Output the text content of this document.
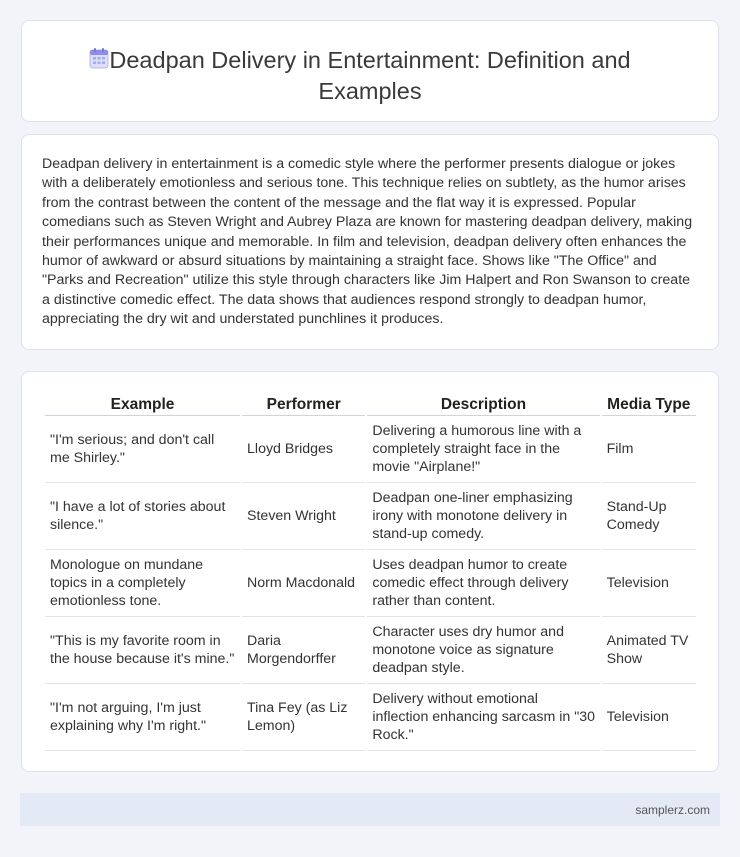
Deadpan Delivery in Entertainment: Definition and Examples

Deadpan delivery in entertainment is a comedic style where the performer presents dialogue or jokes with a deliberately emotionless and serious tone. This technique relies on subtlety, as the humor arises from the contrast between the content of the message and the flat way it is expressed. Popular comedians such as Steven Wright and Aubrey Plaza are known for mastering deadpan delivery, making their performances unique and memorable. In film and television, deadpan delivery often enhances the humor of awkward or absurd situations by maintaining a straight face. Shows like "The Office" and "Parks and Recreation" utilize this style through characters like Jim Halpert and Ron Swanson to create a distinctive comedic effect. The data shows that audiences respond strongly to deadpan humor, appreciating the dry wit and understated punchlines it produces.

Example	Performer	Description	Media Type
"I'm serious; and don't call me Shirley."	Lloyd Bridges	Delivering a humorous line with a completely straight face in the movie "Airplane!"	Film
"I have a lot of stories about silence."	Steven Wright	Deadpan one-liner emphasizing irony with monotone delivery in stand-up comedy.	Stand-Up Comedy
Monologue on mundane topics in a completely emotionless tone.	Norm Macdonald	Uses deadpan humor to create comedic effect through delivery rather than content.	Television
"This is my favorite room in the house because it's mine."	Daria Morgendorffer	Character uses dry humor and monotone voice as signature deadpan style.	Animated TV Show
"I'm not arguing, I'm just explaining why I'm right."	Tina Fey (as Liz Lemon)	Delivery without emotional inflection enhancing sarcasm in "30 Rock."	Television
samplerz.com
